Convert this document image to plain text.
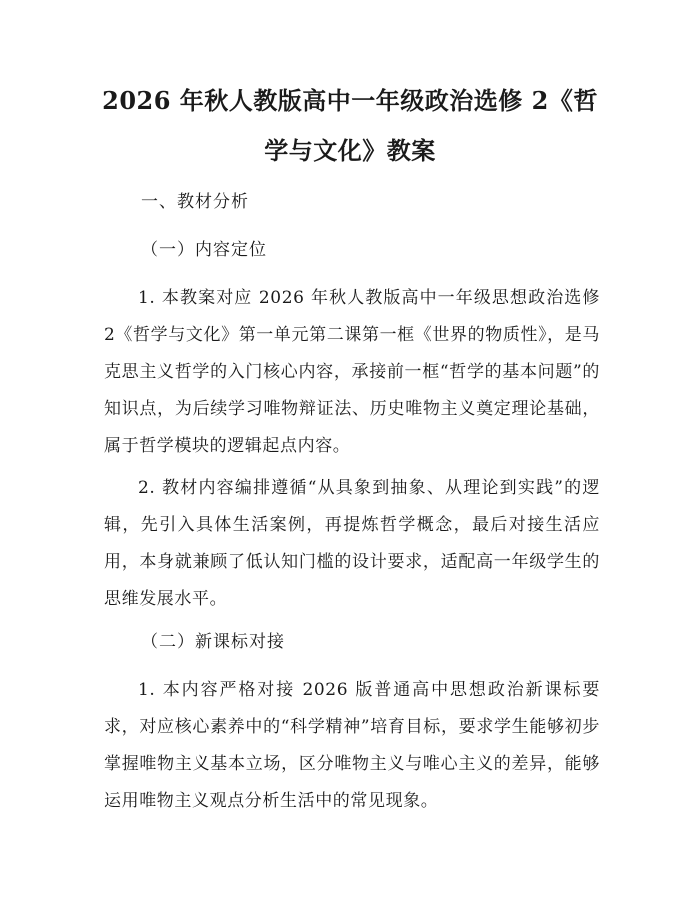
2026 年秋人教版高中一年级政治选修 2《哲
学与文化》教案
一、教材分析
（一）内容定位
1. 本教案对应 2026 年秋人教版高中一年级思想政治选修 2《哲学与文化》第一单元第二课第一框《世界的物质性》，是马克思主义哲学的入门核心内容，承接前一框“哲学的基本问题”的知识点，为后续学习唯物辩证法、历史唯物主义奠定理论基础，属于哲学模块的逻辑起点内容。
2. 教材内容编排遵循“从具象到抽象、从理论到实践”的逻辑，先引入具体生活案例，再提炼哲学概念，最后对接生活应用，本身就兼顾了低认知门槛的设计要求，适配高一年级学生的思维发展水平。
（二）新课标对接
1. 本内容严格对接 2026 版普通高中思想政治新课标要求，对应核心素养中的“科学精神”培育目标，要求学生能够初步掌握唯物主义基本立场，区分唯物主义与唯心主义的差异，能够运用唯物主义观点分析生活中的常见现象。
